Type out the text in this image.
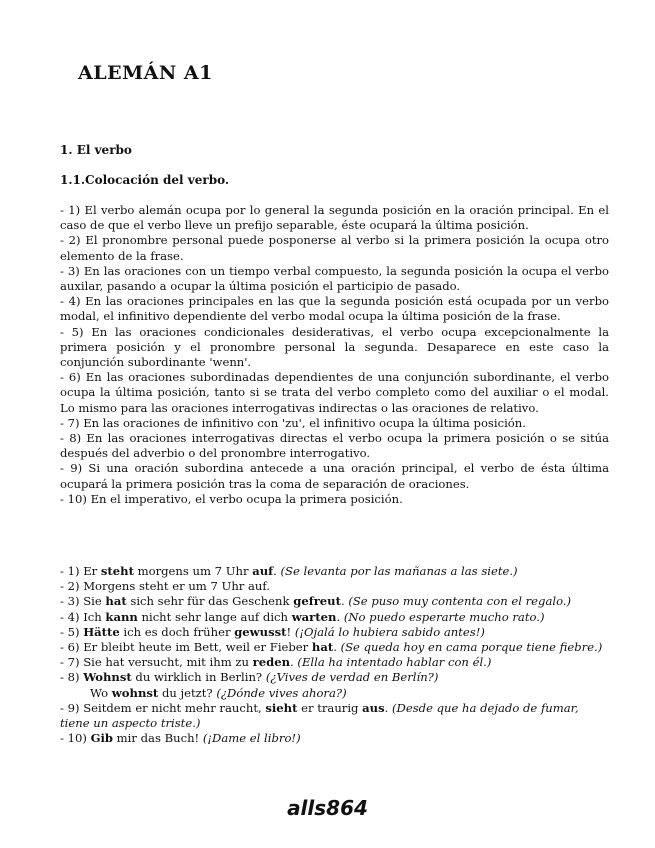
ALEMÁN A1
1. El verbo
1.1.Colocación del verbo.
- 1) El verbo alemán ocupa por lo general la segunda posición en la oración principal. En el caso de que el verbo lleve un prefijo separable, éste ocupará la última posición.
- 2) El pronombre personal puede posponerse al verbo si la primera posición la ocupa otro elemento de la frase.
- 3) En las oraciones con un tiempo verbal compuesto, la segunda posición la ocupa el verbo auxilar, pasando a ocupar la última posición el participio de pasado.
- 4) En las oraciones principales en las que la segunda posición está ocupada por un verbo modal, el infinitivo dependiente del verbo modal ocupa la última posición de la frase.
- 5) En las oraciones condicionales desiderativas, el verbo ocupa excepcionalmente la primera posición y el pronombre personal la segunda. Desaparece en este caso la conjunción subordinante 'wenn'.
- 6) En las oraciones subordinadas dependientes de una conjunción subordinante, el verbo ocupa la última posición, tanto si se trata del verbo completo como del auxiliar o el modal. Lo mismo para las oraciones interrogativas indirectas o las oraciones de relativo.
- 7) En las oraciones de infinitivo con 'zu', el infinitivo ocupa la última posición.
- 8) En las oraciones interrogativas directas el verbo ocupa la primera posición o se sitúa después del adverbio o del pronombre interrogativo.
- 9) Si una oración subordina antecede a una oración principal, el verbo de ésta última ocupará la primera posición tras la coma de separación de oraciones.
- 10) En el imperativo, el verbo ocupa la primera posición.
- 1) Er steht morgens um 7 Uhr auf. (Se levanta por las mañanas a las siete.)
- 2) Morgens steht er um 7 Uhr auf.
- 3) Sie hat sich sehr für das Geschenk gefreut. (Se puso muy contenta con el regalo.)
- 4) Ich kann nicht sehr lange auf dich warten. (No puedo esperarte mucho rato.)
- 5) Hätte ich es doch früher gewusst! (¡Ojalá lo hubiera sabido antes!)
- 6) Er bleibt heute im Bett, weil er Fieber hat. (Se queda hoy en cama porque tiene fiebre.)
- 7) Sie hat versucht, mit ihm zu reden. (Ella ha intentado hablar con él.)
- 8) Wohnst du wirklich in Berlin? (¿Vives de verdad en Berlín?)
Wo wohnst du jetzt? (¿Dónde vives ahora?)
- 9) Seitdem er nicht mehr raucht, sieht er traurig aus. (Desde que ha dejado de fumar, tiene un aspecto triste.)
- 10) Gib mir das Buch! (¡Dame el libro!)

alls864
